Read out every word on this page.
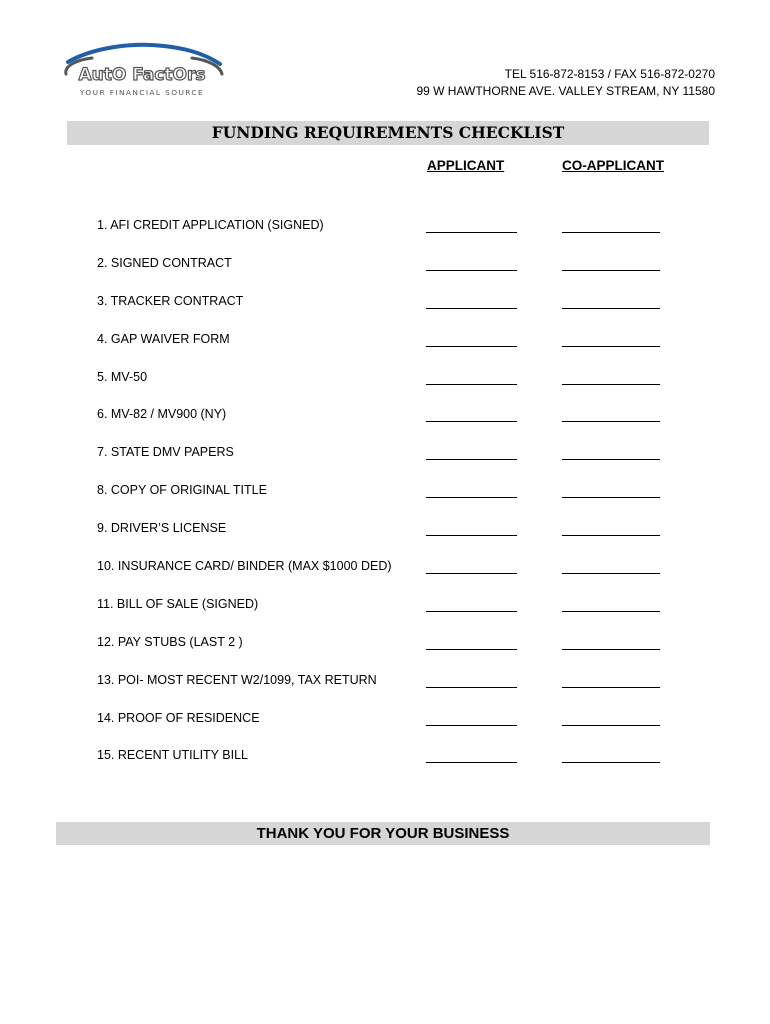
AutO FactOrs
YOUR FINANCIAL SOURCE
TEL 516-872-8153 / FAX 516-872-0270
99 W HAWTHORNE AVE. VALLEY STREAM, NY 11580
FUNDING REQUIREMENTS CHECKLIST
APPLICANT	CO-APPLICANT
1. AFI CREDIT APPLICATION (SIGNED)
2. SIGNED CONTRACT
3. TRACKER CONTRACT
4. GAP WAIVER FORM
5. MV-50
6. MV-82 / MV900 (NY)
7. STATE DMV PAPERS
8. COPY OF ORIGINAL TITLE
9. DRIVER’S LICENSE
10. INSURANCE CARD/ BINDER (MAX $1000 DED)
11. BILL OF SALE (SIGNED)
12. PAY STUBS (LAST 2 )
13. POI- MOST RECENT W2/1099, TAX RETURN
14. PROOF OF RESIDENCE
15. RECENT UTILITY BILL
THANK YOU FOR YOUR BUSINESS
